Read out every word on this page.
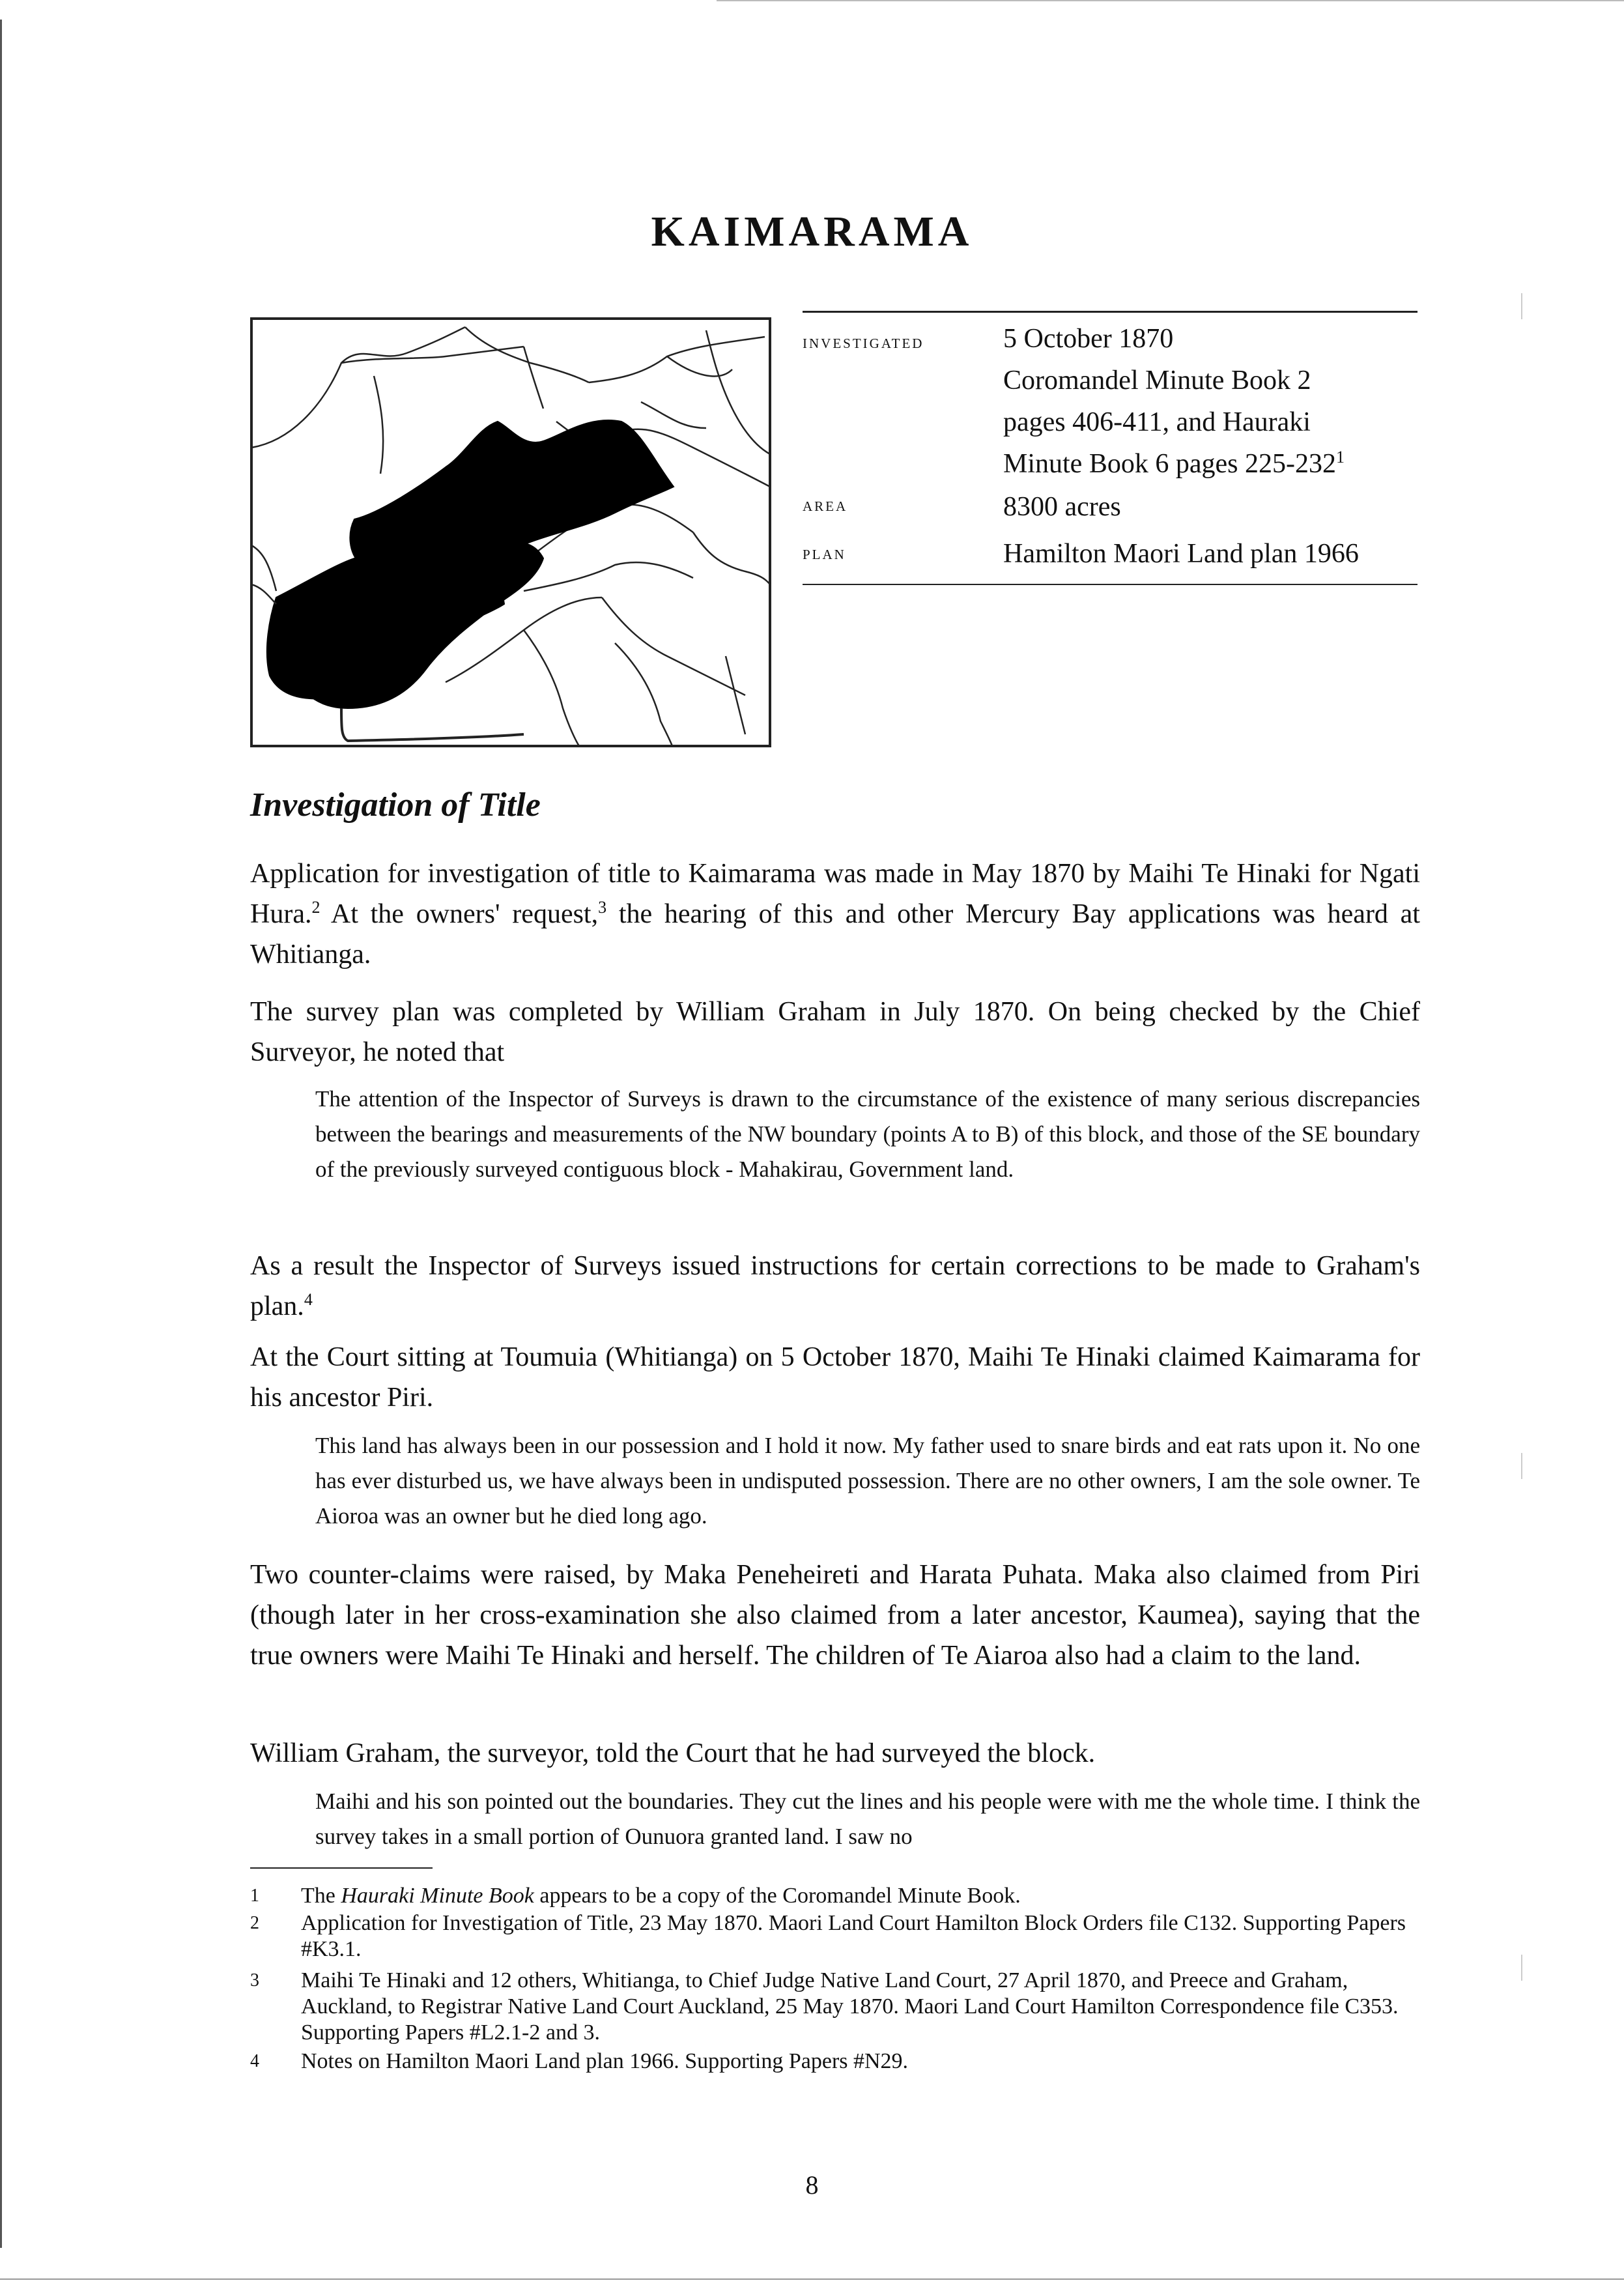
KAIMARAMA
investigated	5 October 1870
Coromandel Minute Book 2
pages 406-411, and Hauraki
Minute Book 6 pages $225-232^1$
area	8300 acres
plan	Hamilton Maori Land plan 1966
Investigation of Title
Application for investigation of title to Kaimarama was made in May 1870 by Maihi Te Hinaki for Ngati Hura.$^2$ At the owners' request,$^3$ the hearing of this and other Mercury Bay applications was heard at Whitianga.
The survey plan was completed by William Graham in July 1870. On being checked by the Chief Surveyor, he noted that
The attention of the Inspector of Surveys is drawn to the circumstance of the existence of many serious discrepancies between the bearings and measurements of the NW boundary (points A to B) of this block, and those of the SE boundary of the previously surveyed contiguous block - Mahakirau, Government land.
As a result the Inspector of Surveys issued instructions for certain corrections to be made to Graham's plan.$^4$
At the Court sitting at Toumuia (Whitianga) on 5 October 1870, Maihi Te Hinaki claimed Kaimarama for his ancestor Piri.
This land has always been in our possession and I hold it now. My father used to snare birds and eat rats upon it. No one has ever disturbed us, we have always been in undisputed possession. There are no other owners, I am the sole owner. Te Aioroa was an owner but he died long ago.
Two counter-claims were raised, by Maka Peneheireti and Harata Puhata. Maka also claimed from Piri (though later in her cross-examination she also claimed from a later ancestor, Kaumea), saying that the true owners were Maihi Te Hinaki and herself. The children of Te Aiaroa also had a claim to the land.
William Graham, the surveyor, told the Court that he had surveyed the block.
Maihi and his son pointed out the boundaries. They cut the lines and his people were with me the whole time. I think the survey takes in a small portion of Ounuora granted land. I saw no
1	The Hauraki Minute Book appears to be a copy of the Coromandel Minute Book.
2	Application for Investigation of Title, 23 May 1870. Maori Land Court Hamilton Block Orders file C132. Supporting Papers #K3.1.
3	Maihi Te Hinaki and 12 others, Whitianga, to Chief Judge Native Land Court, 27 April 1870, and Preece and Graham, Auckland, to Registrar Native Land Court Auckland, 25 May 1870. Maori Land Court Hamilton Correspondence file C353. Supporting Papers #L2.1-2 and 3.
4	Notes on Hamilton Maori Land plan 1966. Supporting Papers #N29.
8
